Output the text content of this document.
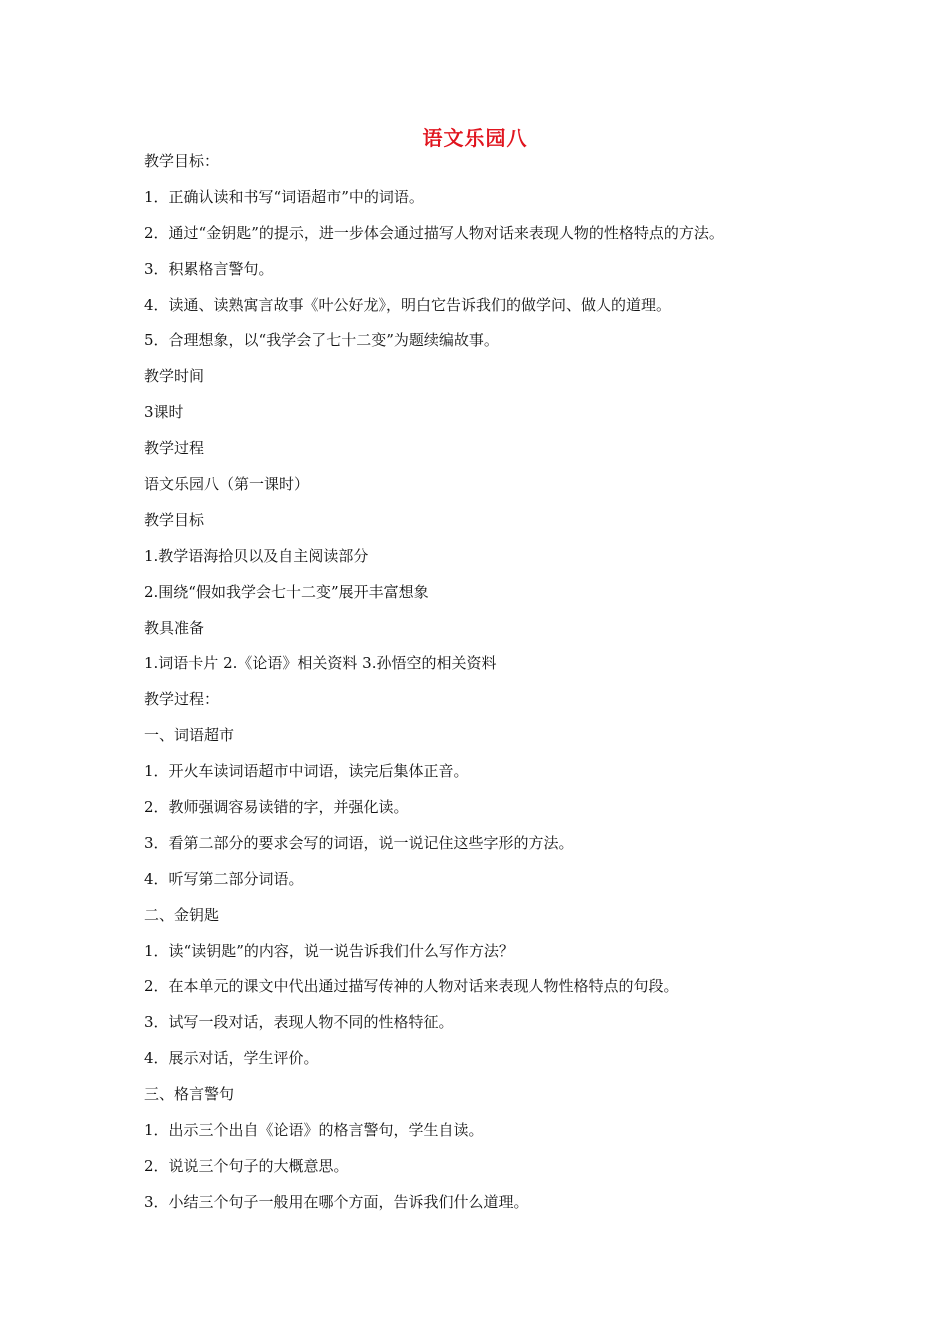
语文乐园八
教学目标：
1．正确认读和书写“词语超市”中的词语。
2．通过“金钥匙”的提示，进一步体会通过描写人物对话来表现人物的性格特点的方法。
3．积累格言警句。
4．读通、读熟寓言故事《叶公好龙》，明白它告诉我们的做学问、做人的道理。
5．合理想象，以“我学会了七十二变”为题续编故事。
教学时间
3课时
教学过程
语文乐园八（第一课时）
教学目标
1.教学语海拾贝以及自主阅读部分
2.围绕“假如我学会七十二变”展开丰富想象
教具准备
1.词语卡片 2.《论语》相关资料 3.孙悟空的相关资料
教学过程：
一、词语超市
1．开火车读词语超市中词语，读完后集体正音。
2．教师强调容易读错的字，并强化读。
3．看第二部分的要求会写的词语，说一说记住这些字形的方法。
4．听写第二部分词语。
二、金钥匙
1．读“读钥匙”的内容，说一说告诉我们什么写作方法？
2．在本单元的课文中代出通过描写传神的人物对话来表现人物性格特点的句段。
3．试写一段对话，表现人物不同的性格特征。
4．展示对话，学生评价。
三、格言警句
1．出示三个出自《论语》的格言警句，学生自读。
2．说说三个句子的大概意思。
3．小结三个句子一般用在哪个方面，告诉我们什么道理。
